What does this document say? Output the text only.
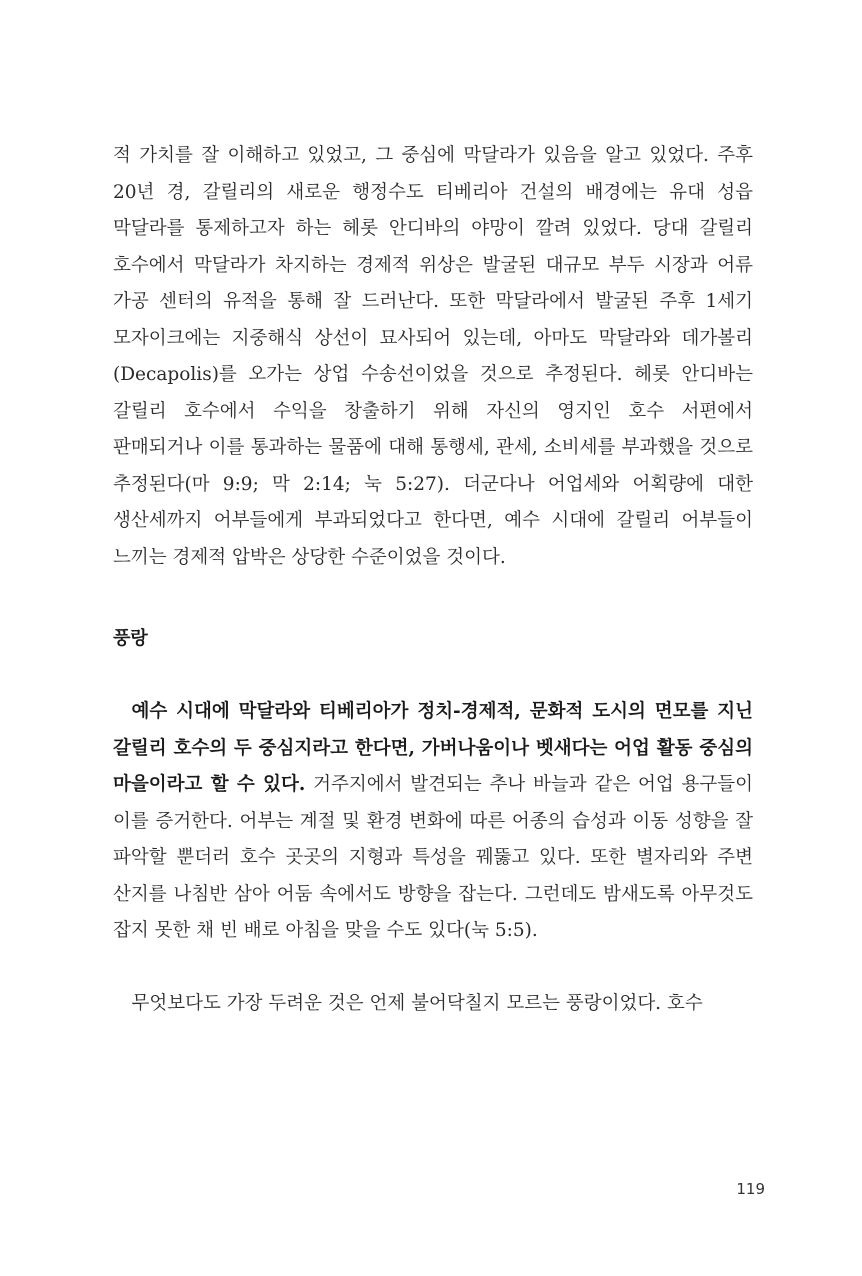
적 가치를 잘 이해하고 있었고, 그 중심에 막달라가 있음을 알고 있었다. 주후 20년 경, 갈릴리의 새로운 행정수도 티베리아 건설의 배경에는 유대 성읍 막달라를 통제하고자 하는 헤롯 안디바의 야망이 깔려 있었다. 당대 갈릴리 호수에서 막달라가 차지하는 경제적 위상은 발굴된 대규모 부두 시장과 어류 가공 센터의 유적을 통해 잘 드러난다. 또한 막달라에서 발굴된 주후 1세기 모자이크에는 지중해식 상선이 묘사되어 있는데, 아마도 막달라와 데가볼리(Decapolis)를 오가는 상업 수송선이었을 것으로 추정된다. 헤롯 안디바는 갈릴리 호수에서 수익을 창출하기 위해 자신의 영지인 호수 서편에서 판매되거나 이를 통과하는 물품에 대해 통행세, 관세, 소비세를 부과했을 것으로 추정된다(마 9:9; 막 2:14; 눅 5:27). 더군다나 어업세와 어획량에 대한 생산세까지 어부들에게 부과되었다고 한다면, 예수 시대에 갈릴리 어부들이 느끼는 경제적 압박은 상당한 수준이었을 것이다.

풍랑

예수 시대에 막달라와 티베리아가 정치-경제적, 문화적 도시의 면모를 지닌 갈릴리 호수의 두 중심지라고 한다면, 가버나움이나 벳새다는 어업 활동 중심의 마을이라고 할 수 있다. 거주지에서 발견되는 추나 바늘과 같은 어업 용구들이 이를 증거한다. 어부는 계절 및 환경 변화에 따른 어종의 습성과 이동 성향을 잘 파악할 뿐더러 호수 곳곳의 지형과 특성을 꿰뚫고 있다. 또한 별자리와 주변 산지를 나침반 삼아 어둠 속에서도 방향을 잡는다. 그런데도 밤새도록 아무것도 잡지 못한 채 빈 배로 아침을 맞을 수도 있다(눅 5:5).

무엇보다도 가장 두려운 것은 언제 불어닥칠지 모르는 풍랑이었다. 호수

119
